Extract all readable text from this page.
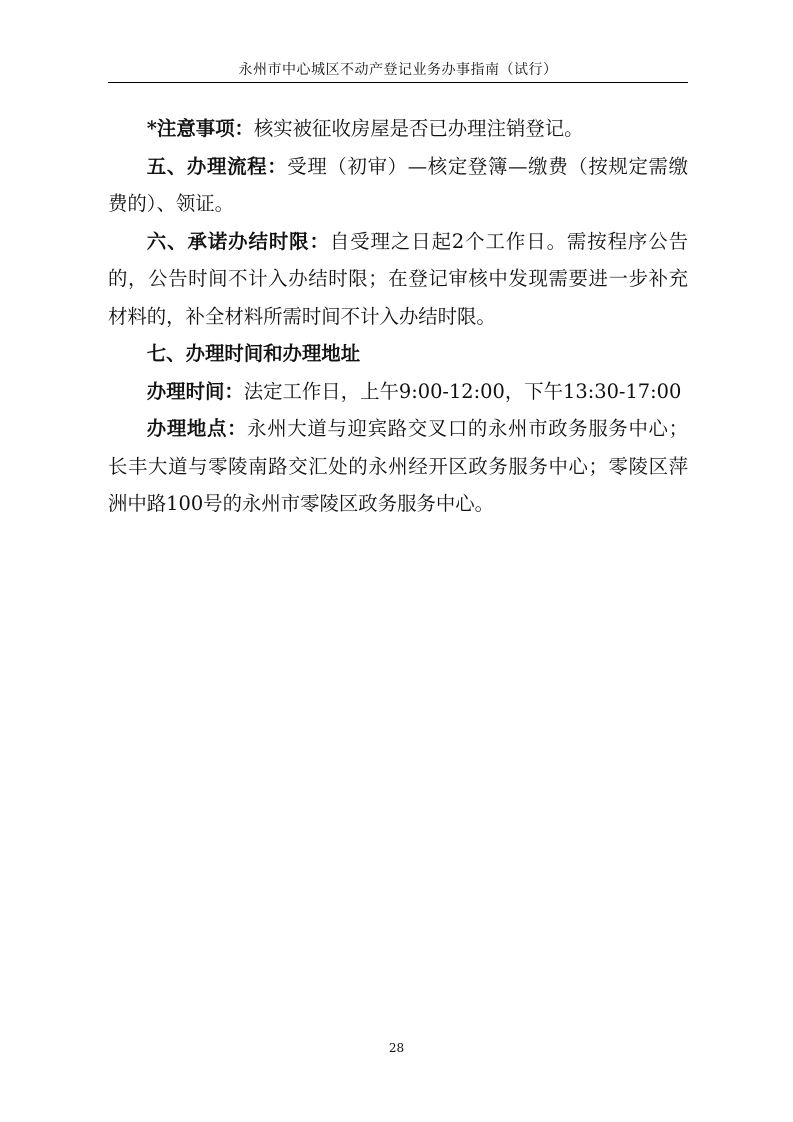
永州市中心城区不动产登记业务办事指南（试行）

*注意事项：核实被征收房屋是否已办理注销登记。

五、办理流程：受理（初审）—核定登簿—缴费（按规定需缴费的）、领证。

六、承诺办结时限：自受理之日起2个工作日。需按程序公告的，公告时间不计入办结时限；在登记审核中发现需要进一步补充材料的，补全材料所需时间不计入办结时限。

七、办理时间和办理地址

办理时间：法定工作日，上午9:00-12:00，下午13:30-17:00

办理地点：永州大道与迎宾路交叉口的永州市政务服务中心；长丰大道与零陵南路交汇处的永州经开区政务服务中心；零陵区萍洲中路100号的永州市零陵区政务服务中心。

28
